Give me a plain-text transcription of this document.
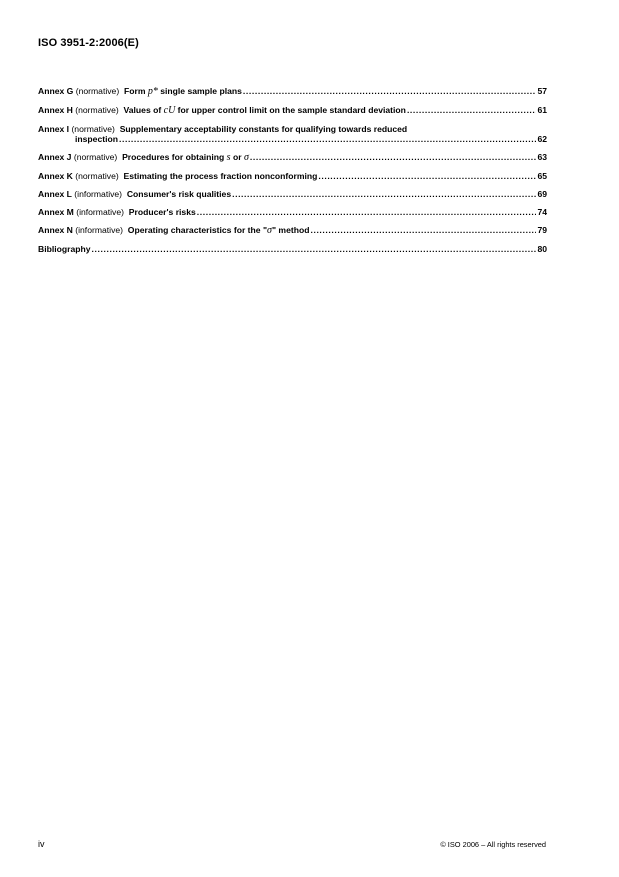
ISO 3951-2:2006(E)
Annex G (normative) Form p* single sample plans .....	57
Annex H (normative) Values of cU for upper control limit on the sample standard deviation .....	61
Annex I (normative) Supplementary acceptability constants for qualifying towards reduced
inspection .....	62
Annex J (normative) Procedures for obtaining s or σ .....	63
Annex K (normative) Estimating the process fraction nonconforming .....	65
Annex L (informative) Consumer's risk qualities .....	69
Annex M (informative) Producer's risks .....	74
Annex N (informative) Operating characteristics for the "σ" method .....	79
Bibliography .....	80
iv	© ISO 2006 – All rights reserved
